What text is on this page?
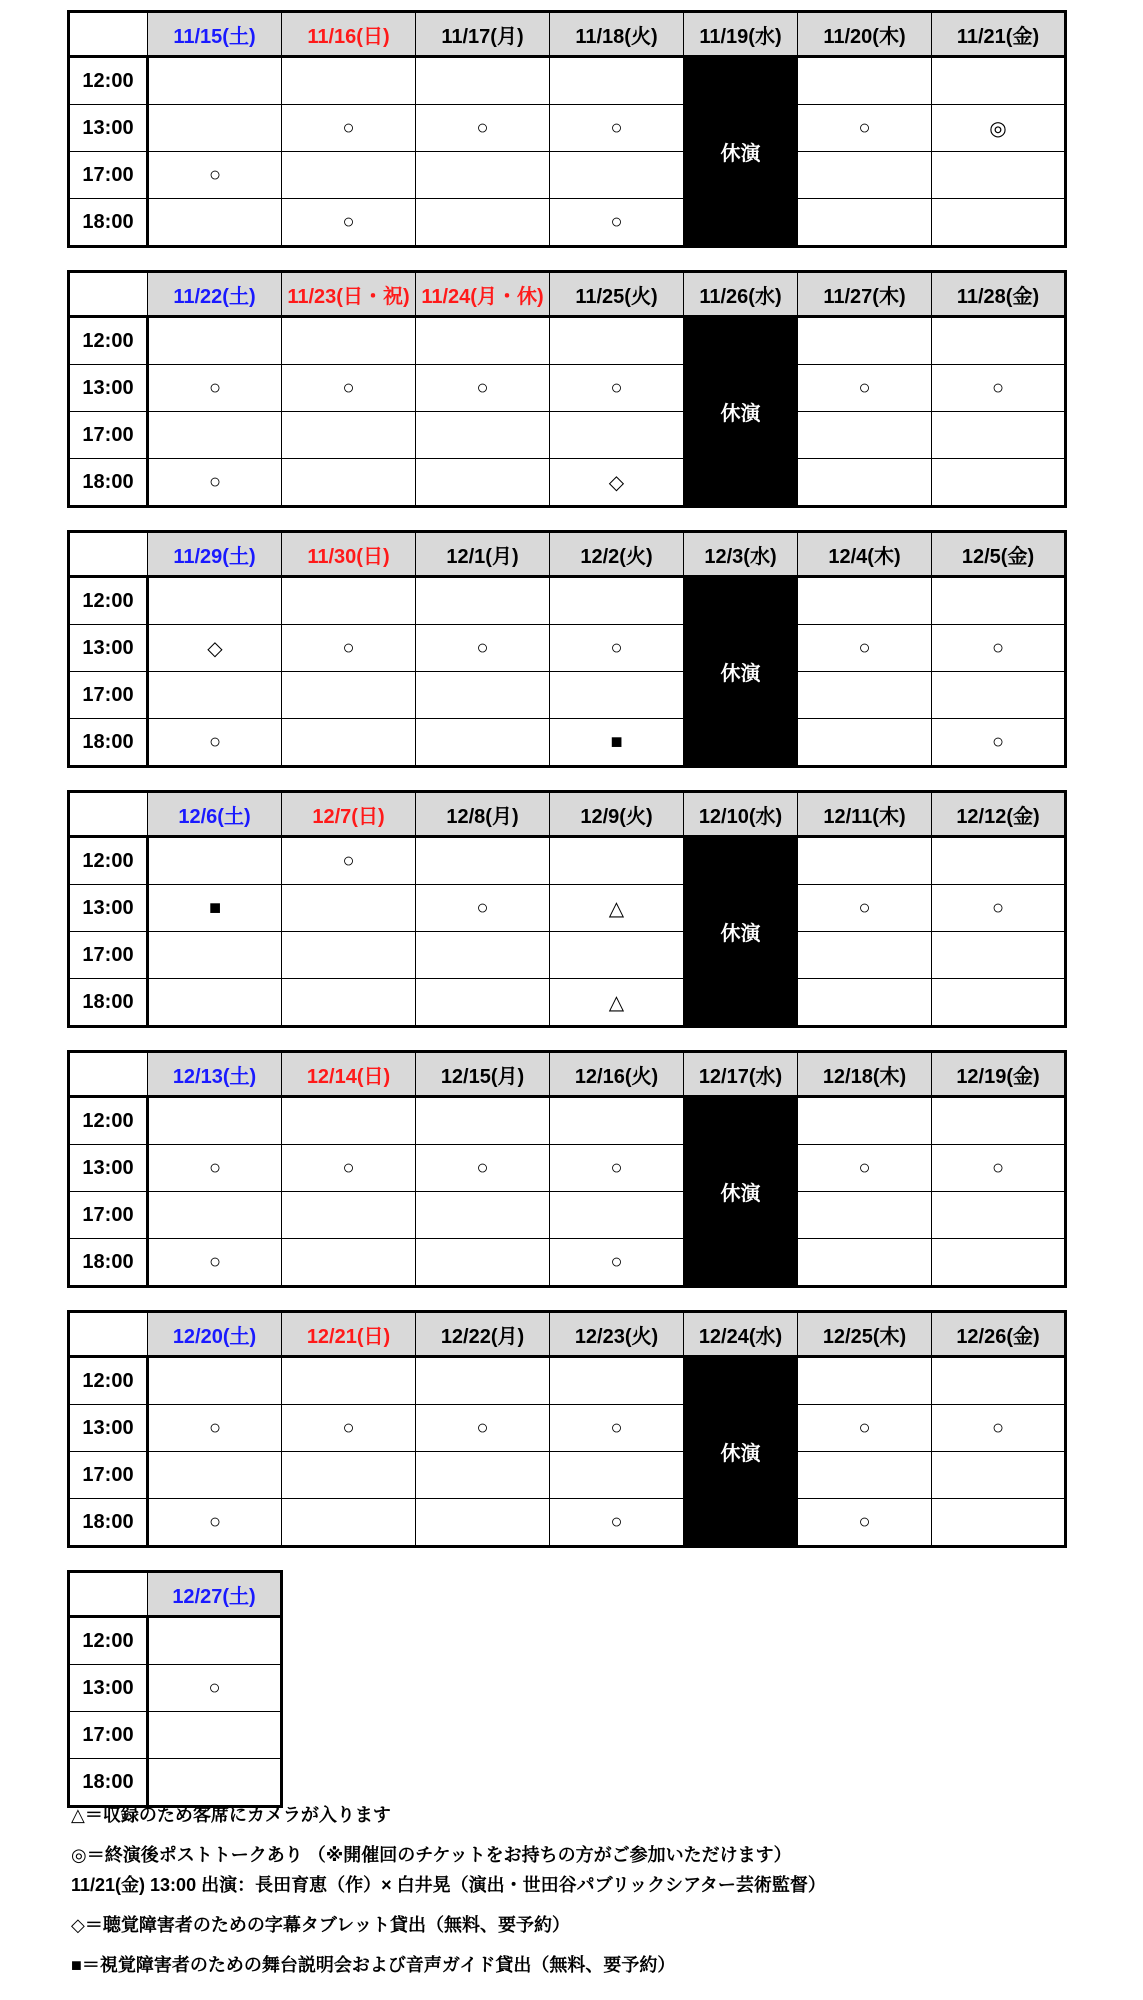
	11/15(土)	11/16(日)	11/17(月)	11/18(火)	11/19(水)	11/20(木)	11/21(金)
12:00					休演		
13:00		○	○	○		○	◎
17:00	○						
18:00		○		○			
	11/22(土)	11/23(日・祝)	11/24(月・休)	11/25(火)	11/26(水)	11/27(木)	11/28(金)
12:00					休演		
13:00	○	○	○	○		○	○
17:00							
18:00	○			◇			
	11/29(土)	11/30(日)	12/1(月)	12/2(火)	12/3(水)	12/4(木)	12/5(金)
12:00					休演		
13:00	◇	○	○	○		○	○
17:00							
18:00	○			■			○
	12/6(土)	12/7(日)	12/8(月)	12/9(火)	12/10(水)	12/11(木)	12/12(金)
12:00		○			休演		
13:00	■		○	△		○	○
17:00							
18:00				△			
	12/13(土)	12/14(日)	12/15(月)	12/16(火)	12/17(水)	12/18(木)	12/19(金)
12:00					休演		
13:00	○	○	○	○		○	○
17:00							
18:00	○			○			
	12/20(土)	12/21(日)	12/22(月)	12/23(火)	12/24(水)	12/25(木)	12/26(金)
12:00					休演		
13:00	○	○	○	○		○	○
17:00							
18:00	○			○		○	
	12/27(土)
12:00	
13:00	○
17:00	
18:00	
△＝収録のため客席にカメラが入ります
◎＝終演後ポストトークあり （※開催回のチケットをお持ちの方がご参加いただけます）
11/21(金) 13:00 出演：長田育恵（作）× 白井晃（演出・世田谷パブリックシアター芸術監督）
◇＝聴覚障害者のための字幕タブレット貸出（無料、要予約）
■＝視覚障害者のための舞台説明会および音声ガイド貸出（無料、要予約）
